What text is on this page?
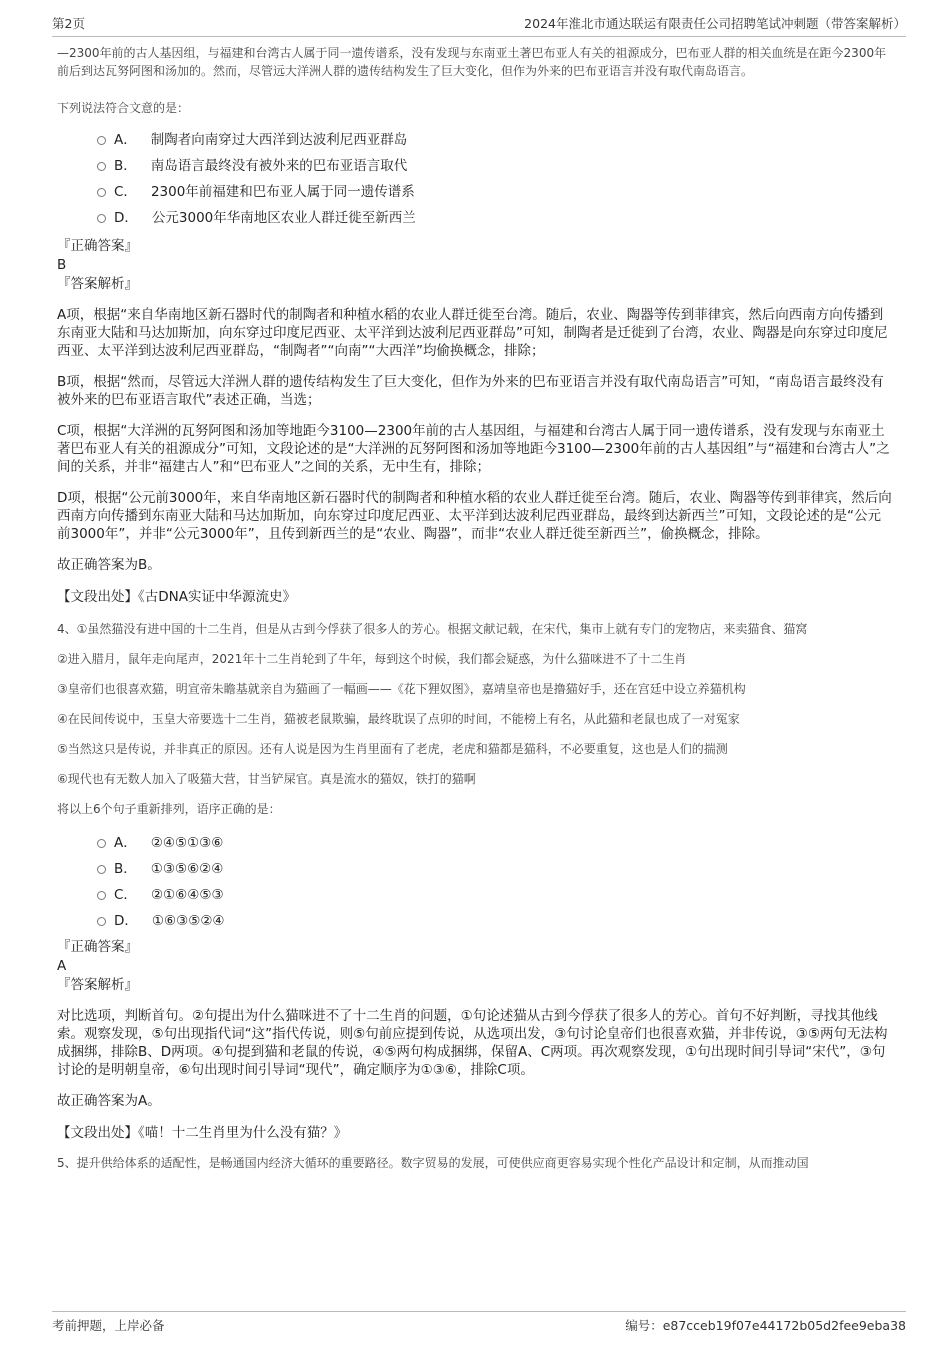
第2页	2024年淮北市通达联运有限责任公司招聘笔试冲刺题（带答案解析）

—2300年前的古人基因组，与福建和台湾古人属于同一遗传谱系，没有发现与东南亚土著巴布亚人有关的祖源成分，巴布亚人群的相关血统是在距今2300年前后到达瓦努阿图和汤加的。然而，尽管远大洋洲人群的遗传结构发生了巨大变化，但作为外来的巴布亚语言并没有取代南岛语言。

下列说法符合文意的是：

A． 制陶者向南穿过大西洋到达波利尼西亚群岛
B． 南岛语言最终没有被外来的巴布亚语言取代
C． 2300年前福建和巴布亚人属于同一遗传谱系
D． 公元3000年华南地区农业人群迁徙至新西兰

『正确答案』

B

『答案解析』

A项，根据“来自华南地区新石器时代的制陶者和种植水稻的农业人群迁徙至台湾。随后，农业、陶器等传到菲律宾，然后向西南方向传播到东南亚大陆和马达加斯加，向东穿过印度尼西亚、太平洋到达波利尼西亚群岛”可知，制陶者是迁徙到了台湾，农业、陶器是向东穿过印度尼西亚、太平洋到达波利尼西亚群岛，“制陶者”“向南”“大西洋”均偷换概念，排除；

B项，根据“然而，尽管远大洋洲人群的遗传结构发生了巨大变化，但作为外来的巴布亚语言并没有取代南岛语言”可知，“南岛语言最终没有被外来的巴布亚语言取代”表述正确，当选；

C项，根据“大洋洲的瓦努阿图和汤加等地距今3100—2300年前的古人基因组，与福建和台湾古人属于同一遗传谱系，没有发现与东南亚土著巴布亚人有关的祖源成分”可知，文段论述的是“大洋洲的瓦努阿图和汤加等地距今3100—2300年前的古人基因组”与“福建和台湾古人”之间的关系，并非“福建古人”和“巴布亚人”之间的关系，无中生有，排除；

D项，根据“公元前3000年，来自华南地区新石器时代的制陶者和种植水稻的农业人群迁徙至台湾。随后，农业、陶器等传到菲律宾，然后向西南方向传播到东南亚大陆和马达加斯加，向东穿过印度尼西亚、太平洋到达波利尼西亚群岛，最终到达新西兰”可知，文段论述的是“公元前3000年”，并非“公元3000年”，且传到新西兰的是“农业、陶器”，而非“农业人群迁徙至新西兰”，偷换概念，排除。

故正确答案为B。

【文段出处】《古DNA实证中华源流史》

4、①虽然猫没有进中国的十二生肖，但是从古到今俘获了很多人的芳心。根据文献记载，在宋代，集市上就有专门的宠物店，来卖猫食、猫窝

②进入腊月，鼠年走向尾声，2021年十二生肖轮到了牛年，每到这个时候，我们都会疑惑，为什么猫咪进不了十二生肖

③皇帝们也很喜欢猫，明宣帝朱瞻基就亲自为猫画了一幅画——《花下狸奴图》，嘉靖皇帝也是撸猫好手，还在宫廷中设立养猫机构

④在民间传说中，玉皇大帝要选十二生肖，猫被老鼠欺骗，最终耽误了点卯的时间，不能榜上有名，从此猫和老鼠也成了一对冤家

⑤当然这只是传说，并非真正的原因。还有人说是因为生肖里面有了老虎，老虎和猫都是猫科，不必要重复，这也是人们的揣测

⑥现代也有无数人加入了吸猫大营，甘当铲屎官。真是流水的猫奴，铁打的猫啊

将以上6个句子重新排列，语序正确的是：

A． ②④⑤①③⑥
B． ①③⑤⑥②④
C． ②①⑥④⑤③
D． ①⑥③⑤②④

『正确答案』

A

『答案解析』

对比选项，判断首句。②句提出为什么猫咪进不了十二生肖的问题，①句论述猫从古到今俘获了很多人的芳心。首句不好判断，寻找其他线索。观察发现，⑤句出现指代词“这”指代传说，则⑤句前应提到传说，从选项出发，③句讨论皇帝们也很喜欢猫，并非传说，③⑤两句无法构成捆绑，排除B、D两项。④句提到猫和老鼠的传说，④⑤两句构成捆绑，保留A、C两项。再次观察发现，①句出现时间引导词“宋代”，③句讨论的是明朝皇帝，⑥句出现时间引导词“现代”，确定顺序为①③⑥，排除C项。

故正确答案为A。

【文段出处】《喵！十二生肖里为什么没有猫？》

5、提升供给体系的适配性，是畅通国内经济大循环的重要路径。数字贸易的发展，可使供应商更容易实现个性化产品设计和定制，从而推动国

考前押题，上岸必备	编号：e87cceb19f07e44172b05d2fee9eba38
